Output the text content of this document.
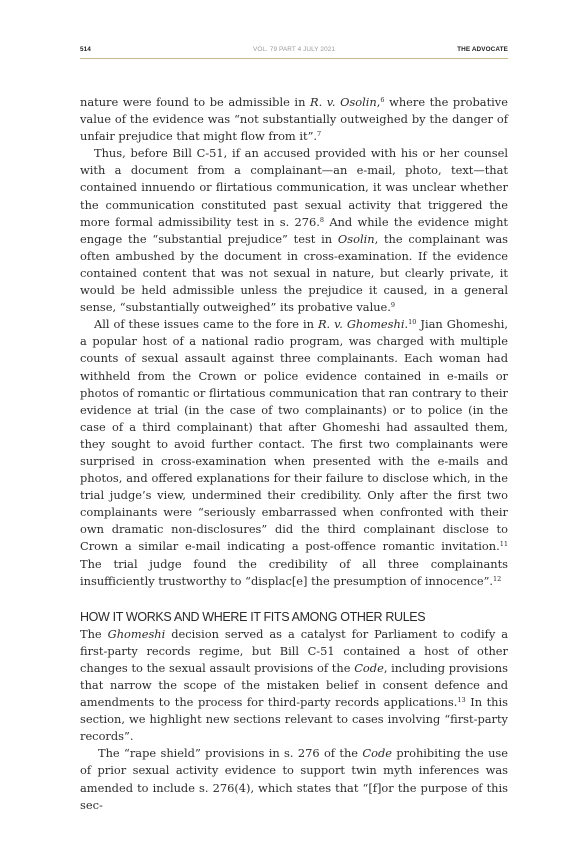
514	VOL. 79 PART 4 JULY 2021	THE ADVOCATE

nature were found to be admissible in R. v. Osolin,$^6$ where the probative value of the evidence was “not substantially outweighed by the danger of unfair prejudice that might flow from it”.$^7$

Thus, before Bill C-51, if an accused provided with his or her counsel with a document from a complainant—an e-mail, photo, text—that contained innuendo or flirtatious communication, it was unclear whether the communication constituted past sexual activity that triggered the more formal admissibility test in s. 276.$^8$ And while the evidence might engage the “substantial prejudice” test in Osolin, the complainant was often ambushed by the document in cross-examination. If the evidence contained content that was not sexual in nature, but clearly private, it would be held admissible unless the prejudice it caused, in a general sense, “substantially outweighed” its probative value.$^9$

All of these issues came to the fore in R. v. Ghomeshi.$^{10}$ Jian Ghomeshi, a popular host of a national radio program, was charged with multiple counts of sexual assault against three complainants. Each woman had withheld from the Crown or police evidence contained in e-mails or photos of romantic or flirtatious communication that ran contrary to their evidence at trial (in the case of two complainants) or to police (in the case of a third complainant) that after Ghomeshi had assaulted them, they sought to avoid further contact. The first two complainants were surprised in cross-examination when presented with the e-mails and photos, and offered explanations for their failure to disclose which, in the trial judge’s view, undermined their credibility. Only after the first two complainants were “seriously embarrassed when confronted with their own dramatic non-disclosures” did the third complainant disclose to Crown a similar e-mail indicating a post-offence romantic invitation.$^{11}$ The trial judge found the credibility of all three complainants insufficiently trustworthy to “displac[e] the presumption of innocence”.$^{12}$

HOW IT WORKS AND WHERE IT FITS AMONG OTHER RULES

The Ghomeshi decision served as a catalyst for Parliament to codify a first-party records regime, but Bill C-51 contained a host of other changes to the sexual assault provisions of the Code, including provisions that narrow the scope of the mistaken belief in consent defence and amendments to the process for third-party records applications.$^{13}$ In this section, we highlight new sections relevant to cases involving “first-party records”.

The “rape shield” provisions in s. 276 of the Code prohibiting the use of prior sexual activity evidence to support twin myth inferences was amended to include s. 276(4), which states that “[f]or the purpose of this sec-
